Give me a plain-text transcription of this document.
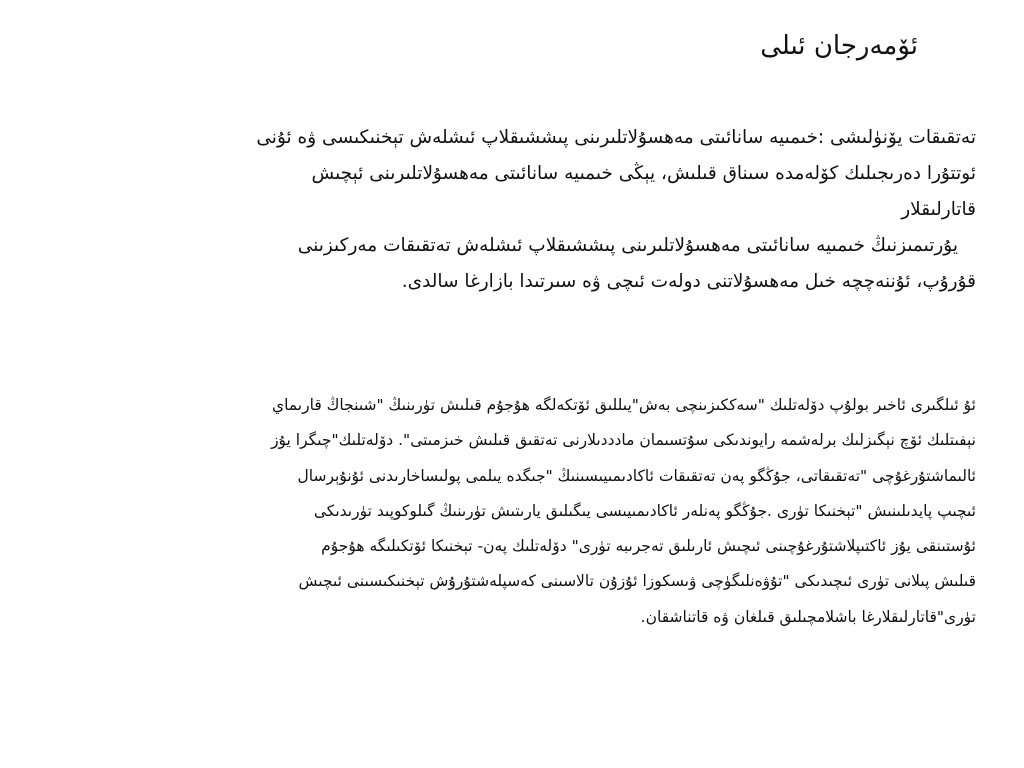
ئۆمەرجان ئىلى
تەتقىقات يۆنۈلىشى :خىمىيە سانائىتى مەھسۇلاتلىرىنى پىششىقلاپ ئىشلەش تېخنىكىسى ۋە ئۇنى
ئوتتۇرا دەرىجىلىك كۆلەمدە سىناق قىلىش، يېڭى خىمىيە سانائىتى مەھسۇلاتلىرىنى ئېچىش
قاتارلىقلار
يۇرتىمىزنىڭ خىمىيە سانائىتى مەھسۇلاتلىرىنى پىششىقلاپ ئىشلەش تەتقىقات مەركىزىنى
قۇرۇپ، ئۇننەچچە خىل مەھسۇلاتنى دولەت ئىچى ۋە سىرتىدا بازارغا سالدى.
ئۇ ئىلگىرى ئاخىر بولۇپ دۆلەتلىك "سەككىزىنچى بەش"يىللىق ئۆتكەلگە ھۇجۇم قىلىش تۈرىنىڭ "شىنجاڭ قارىماي
نېفىتلىك ئۆچ نېگىزلىك برلەشمە رايوندىكى سۇتسىمان مادددىلارنى تەتقىق قىلىش خىزمىتى". دۆلەتلىك"چىگرا يۇز
ئالىماشتۇرغۇچى "تەتقىقاتى، جۇڭگو پەن تەتقىقات ئاكادىمىيىسىنىڭ "جىگدە يىلمى پولىساخارىدنى ئۇنۇېرسال
ئىچىپ پايدىلىنىش "تېخنىكا تۈرى .جۇڭگو پەنلەر ئاكادىمىيىسى يىگىلىق يارىتىش تۈرىنىڭ گىلوكوپىد تۈرىدىكى
ئۇستىنقى يۇز ئاكتىپلاشتۇرغۇچىنى ئىچىش ئارىلىق تەجرىبە تۈرى" دۆلەتلىك پەن- تېخنىكا ئۆتكىلىگە ھۇجۇم
قىلىش پىلانى تۈرى ئىچىدىكى "تۇۋەنلىگۈچى ۋىسكوزا ئۇزۇن تالاسىنى كەسپلەشتۇرۇش تېخنىكىسىنى ئىچىش
تۈرى"قاتارلىقلارغا باشلامچىلىق قىلغان ۋە قاتناشقان.
